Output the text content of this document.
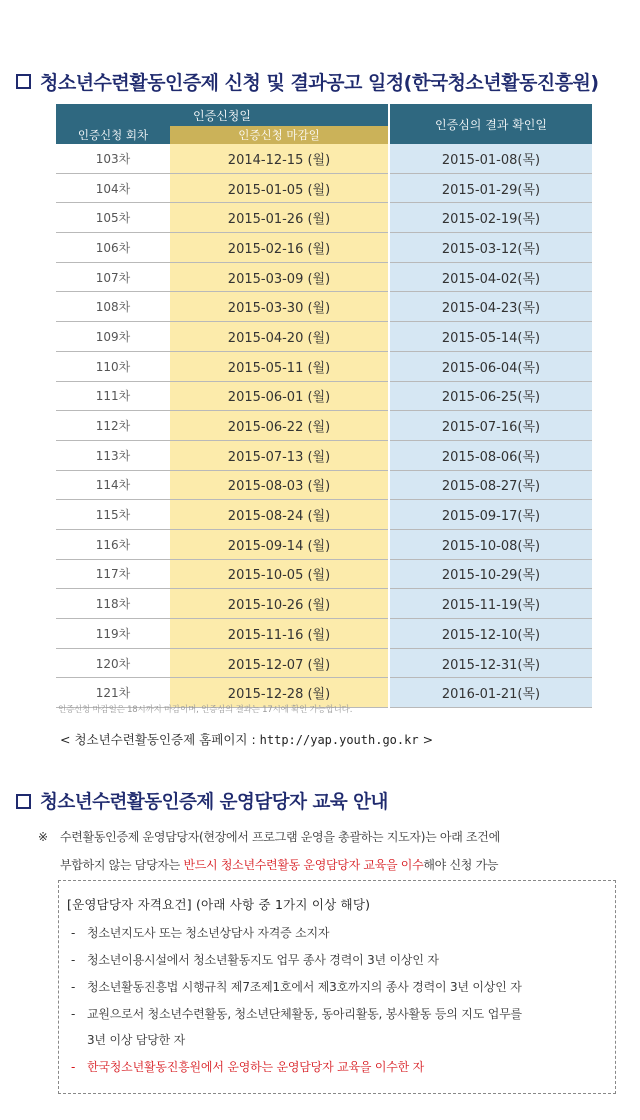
청소년수련활동인증제 신청 및 결과공고 일정(한국청소년활동진흥원)
인증신청일		인증심의 결과 확인일
인증신청 회차	인증신청 마감일	
103차	2014-12-15 (월)	2015-01-08(목)
104차	2015-01-05 (월)	2015-01-29(목)
105차	2015-01-26 (월)	2015-02-19(목)
106차	2015-02-16 (월)	2015-03-12(목)
107차	2015-03-09 (월)	2015-04-02(목)
108차	2015-03-30 (월)	2015-04-23(목)
109차	2015-04-20 (월)	2015-05-14(목)
110차	2015-05-11 (월)	2015-06-04(목)
111차	2015-06-01 (월)	2015-06-25(목)
112차	2015-06-22 (월)	2015-07-16(목)
113차	2015-07-13 (월)	2015-08-06(목)
114차	2015-08-03 (월)	2015-08-27(목)
115차	2015-08-24 (월)	2015-09-17(목)
116차	2015-09-14 (월)	2015-10-08(목)
117차	2015-10-05 (월)	2015-10-29(목)
118차	2015-10-26 (월)	2015-11-19(목)
119차	2015-11-16 (월)	2015-12-10(목)
120차	2015-12-07 (월)	2015-12-31(목)
121차	2015-12-28 (월)	2016-01-21(목)
인증신청 마감일은 18시까지 마감이며, 인증심의 결과는 17시에 확인 가능합니다.
< 청소년수련활동인증제 홈페이지 : http://yap.youth.go.kr >
청소년수련활동인증제 운영담당자 교육 안내
※ 수련활동인증제 운영담당자(현장에서 프로그램 운영을 총괄하는 지도자)는 아래 조건에
부합하지 않는 담당자는 반드시 청소년수련활동 운영담당자 교육을 이수해야 신청 가능
[운영담당자 자격요건] (아래 사항 중 1가지 이상 해당)
- 청소년지도사 또는 청소년상담사 자격증 소지자
- 청소년이용시설에서 청소년활동지도 업무 종사 경력이 3년 이상인 자
- 청소년활동진흥법 시행규칙 제7조제1호에서 제3호까지의 종사 경력이 3년 이상인 자
- 교원으로서 청소년수련활동, 청소년단체활동, 동아리활동, 봉사활동 등의 지도 업무를
3년 이상 담당한 자
- 한국청소년활동진흥원에서 운영하는 운영담당자 교육을 이수한 자
